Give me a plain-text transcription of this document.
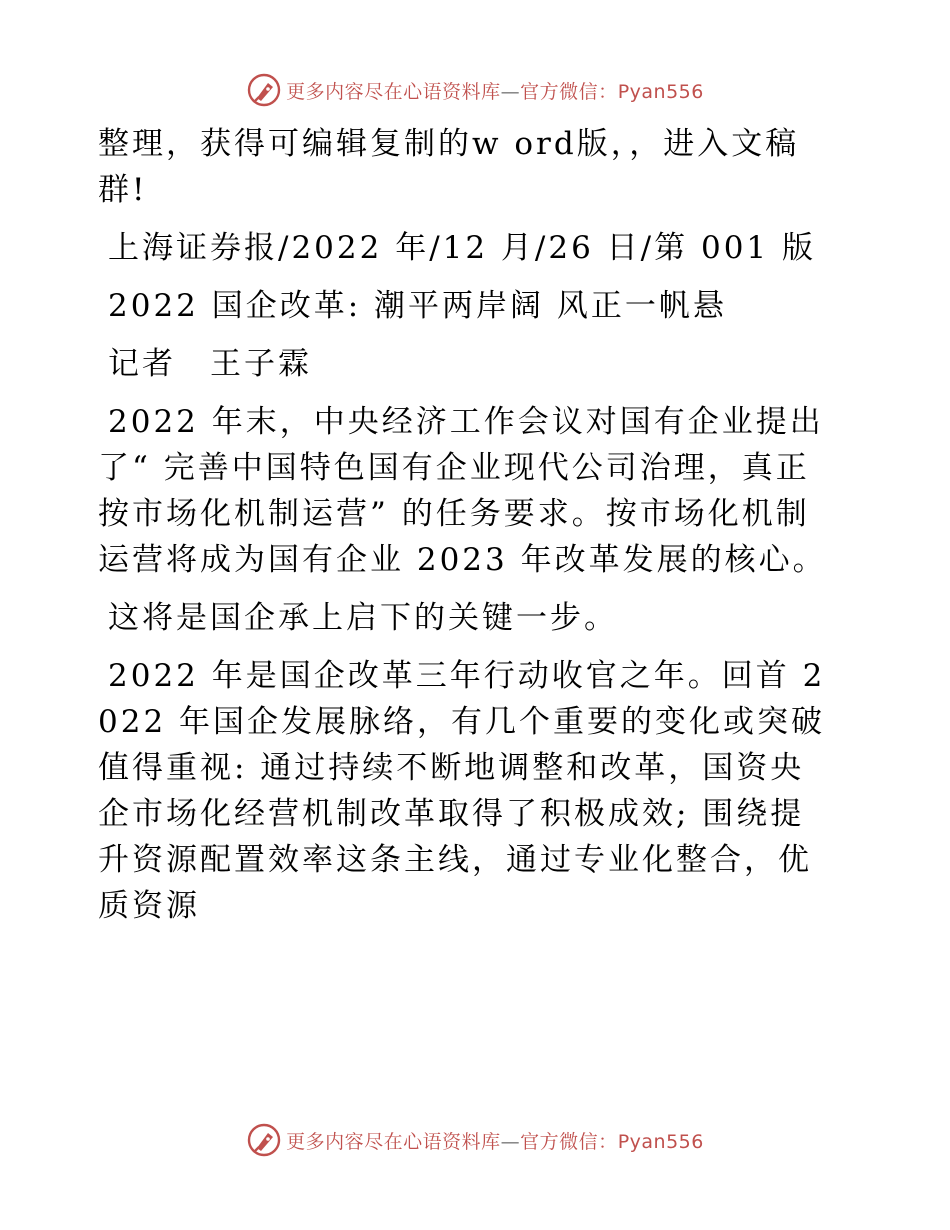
更多内容尽在心语资料库—官方微信：Pyan556

整理，获得可编辑复制的w ord版，，进入文稿群!

上海证券报/2022 年/12 月/26 日/第 001 版

2022 国企改革: 潮平两岸阔 风正一帆悬

记者　王子霖

2022 年末，中央经济工作会议对国有企业提出了“ 完善中国特色国有企业现代公司治理，真正按市场化机制运营” 的任务要求。按市场化机制运营将成为国有企业 2023 年改革发展的核心。

这将是国企承上启下的关键一步。

2022 年是国企改革三年行动收官之年。回首 2022 年国企发展脉络，有几个重要的变化或突破值得重视: 通过持续不断地调整和改革，国资央企市场化经营机制改革取得了积极成效; 围绕提升资源配置效率这条主线，通过专业化整合，优质资源

更多内容尽在心语资料库—官方微信：Pyan556
